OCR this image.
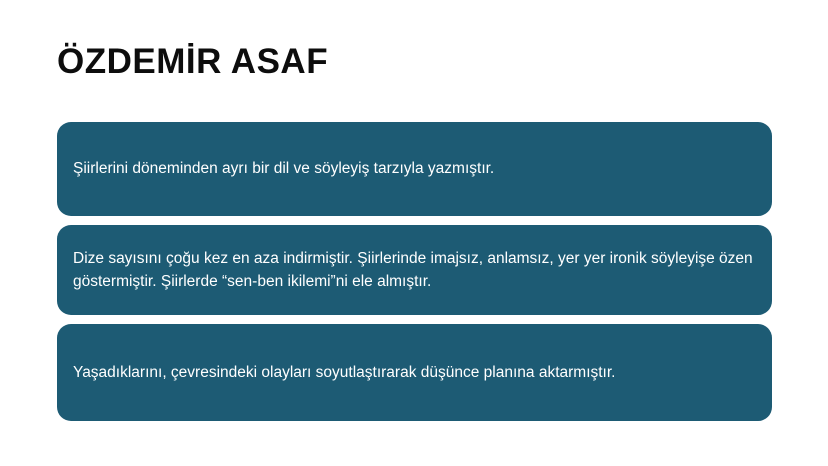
ÖZDEMİR ASAF
Şiirlerini döneminden ayrı bir dil ve söyleyiş tarzıyla yazmıştır.
Dize sayısını çoğu kez en aza indirmiştir. Şiirlerinde imajsız, anlamsız, yer yer ironik söyleyişe özen göstermiştir. Şiirlerde “sen-ben ikilemi”ni ele almıştır.
Yaşadıklarını, çevresindeki olayları soyutlaştırarak düşünce planına aktarmıştır.
